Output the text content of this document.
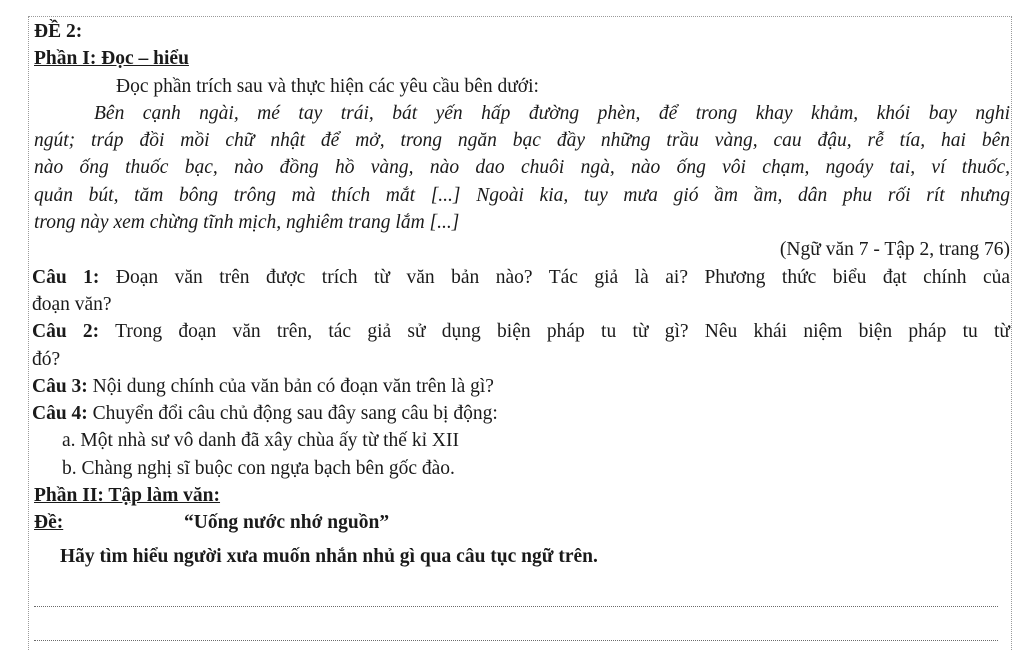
ĐỀ 2:
Phần I: Đọc – hiểu
Đọc phần trích sau và thực hiện các yêu cầu bên dưới:
Bên cạnh ngài, mé tay trái, bát yến hấp đường phèn, để trong khay khảm, khói bay nghi
ngút; tráp đồi mồi chữ nhật để mở, trong ngăn bạc đầy những trầu vàng, cau đậu, rễ tía, hai bên
nào ống thuốc bạc, nào đồng hồ vàng, nào dao chuôi ngà, nào ống vôi chạm, ngoáy tai, ví thuốc,
quản bút, tăm bông trông mà thích mắt [...] Ngoài kia, tuy mưa gió ầm ầm, dân phu rối rít nhưng
trong này xem chừng tĩnh mịch, nghiêm trang lắm [...]
(Ngữ văn 7 - Tập 2, trang 76)
Câu 1: Đoạn văn trên được trích từ văn bản nào? Tác giả là ai? Phương thức biểu đạt chính của
đoạn văn?
Câu 2: Trong đoạn văn trên, tác giả sử dụng biện pháp tu từ gì? Nêu khái niệm biện pháp tu từ
đó?
Câu 3: Nội dung chính của văn bản có đoạn văn trên là gì?
Câu 4: Chuyển đổi câu chủ động sau đây sang câu bị động:
a. Một nhà sư vô danh đã xây chùa ấy từ thế kỉ XII
b. Chàng nghị sĩ buộc con ngựa bạch bên gốc đào.
Phần II: Tập làm văn:
Đề:	“Uống nước nhớ nguồn”
Hãy tìm hiểu người xưa muốn nhắn nhủ gì qua câu tục ngữ trên.
